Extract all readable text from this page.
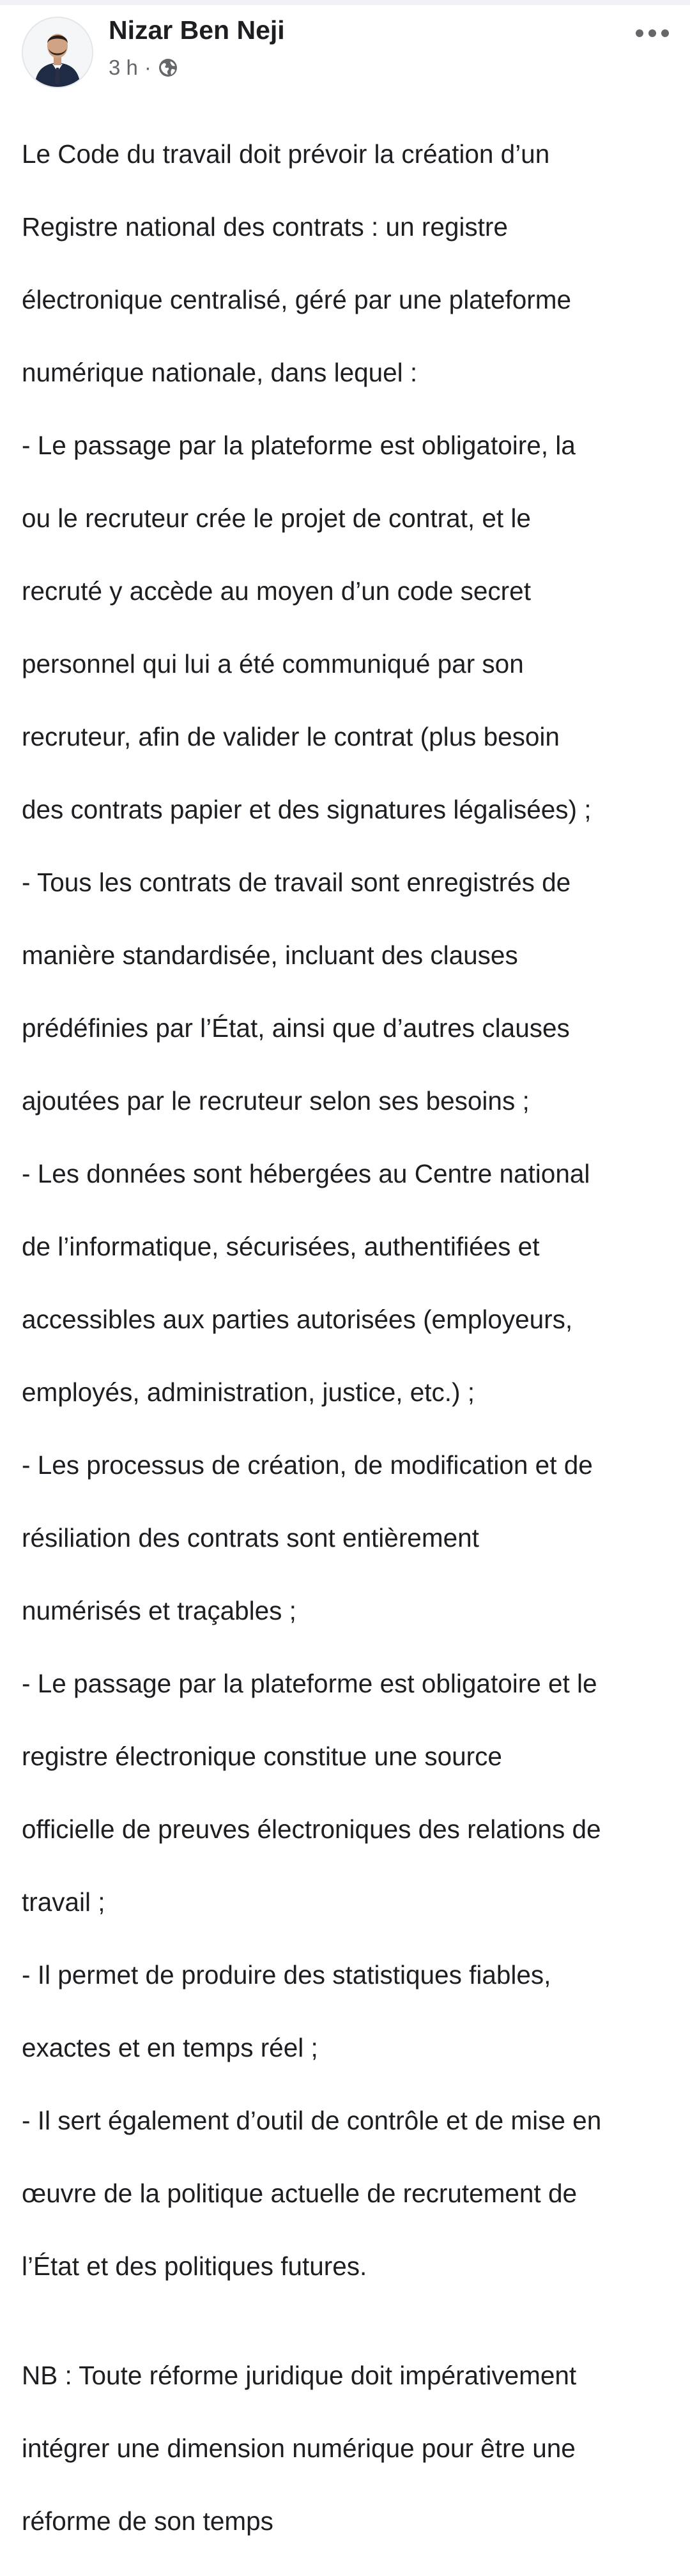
Nizar Ben Neji
3 h ·

Le Code du travail doit prévoir la création d’un

Registre national des contrats : un registre

électronique centralisé, géré par une plateforme

numérique nationale, dans lequel :

- Le passage par la plateforme est obligatoire, la

ou le recruteur crée le projet de contrat, et le

recruté y accède au moyen d’un code secret

personnel qui lui a été communiqué par son

recruteur, afin de valider le contrat (plus besoin

des contrats papier et des signatures légalisées) ;

- Tous les contrats de travail sont enregistrés de

manière standardisée, incluant des clauses

prédéfinies par l’État, ainsi que d’autres clauses

ajoutées par le recruteur selon ses besoins ;

- Les données sont hébergées au Centre national

de l’informatique, sécurisées, authentifiées et

accessibles aux parties autorisées (employeurs,

employés, administration, justice, etc.) ;

- Les processus de création, de modification et de

résiliation des contrats sont entièrement

numérisés et traçables ;

- Le passage par la plateforme est obligatoire et le

registre électronique constitue une source

officielle de preuves électroniques des relations de

travail ;

- Il permet de produire des statistiques fiables,

exactes et en temps réel ;

- Il sert également d’outil de contrôle et de mise en

œuvre de la politique actuelle de recrutement de

l’État et des politiques futures.

NB : Toute réforme juridique doit impérativement

intégrer une dimension numérique pour être une

réforme de son temps
